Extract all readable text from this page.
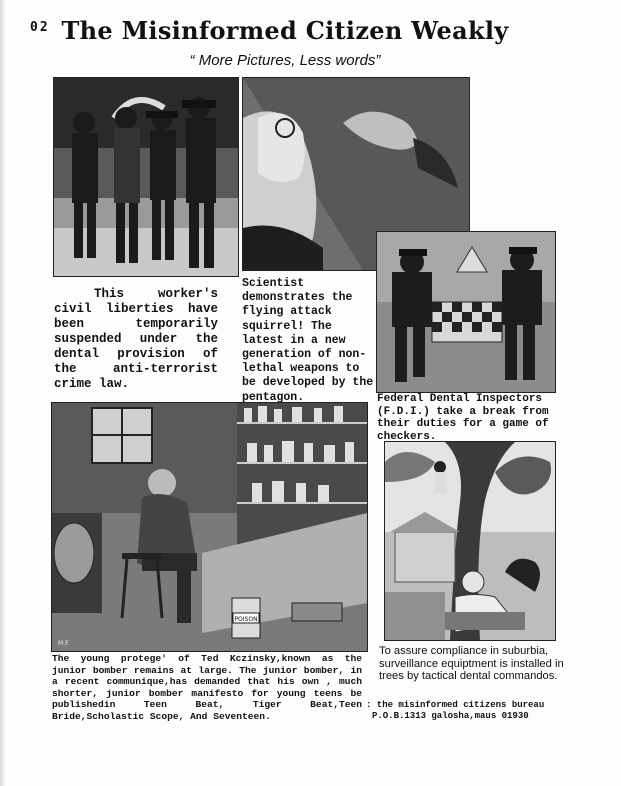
02 The Misinformed Citizen Weakly
“ More Pictures, Less words”
POISON
M.F.
This worker's civil liberties have been temporarily suspended under the dental provision of the anti-terrorist crime law.
Scientist demonstrates the flying attack squirrel! The latest in a new generation of non-lethal weapons to be developed by the pentagon.	Federal Dental Inspectors (F.D.I.) take a break from their duties for a game of checkers.
The young protege' of Ted Kczinsky,known as the junior bomber remains at large. The junior bomber, in a recent communique,has demanded that his own , much shorter, junior bomber manifesto for young teens be publishedin Teen Beat, Tiger Beat,Teen Bride,Scholastic Scope, And Seventeen.
To assure compliance in suburbia, surveillance equiptment is installed in trees by tactical dental commandos.
: the misinformed citizens bureau
P.O.B.1313 galosha,maus 01930
